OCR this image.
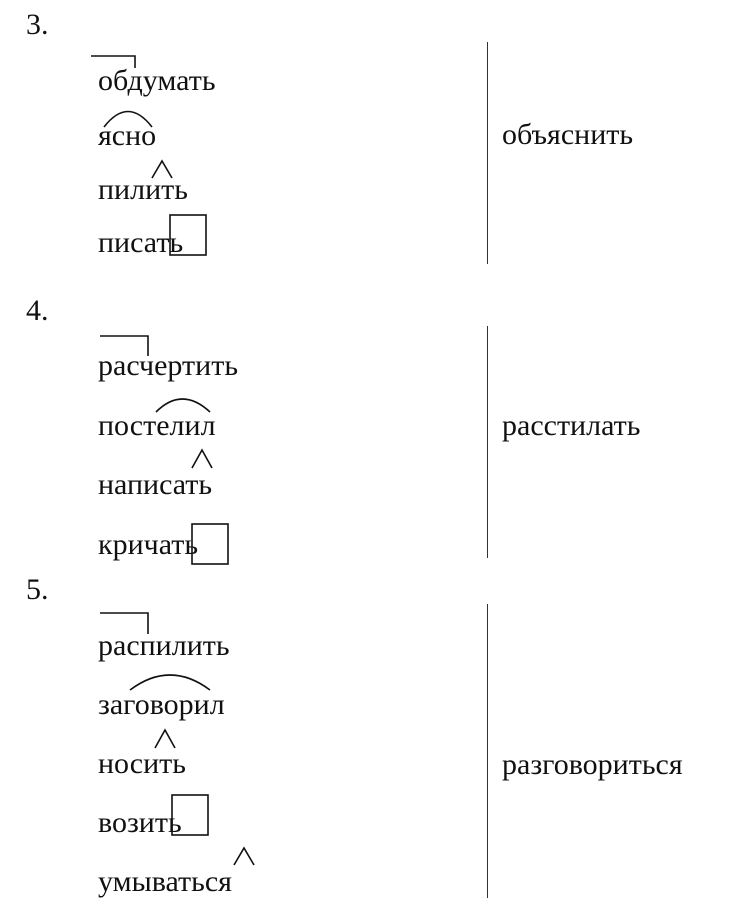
3.
обдумать
ясно
пилить
писать
объяснить
4.
расчертить
постелил
написать
кричать
расстилать
5.
распилить
заговорил
носить
возить
умываться
разговориться
